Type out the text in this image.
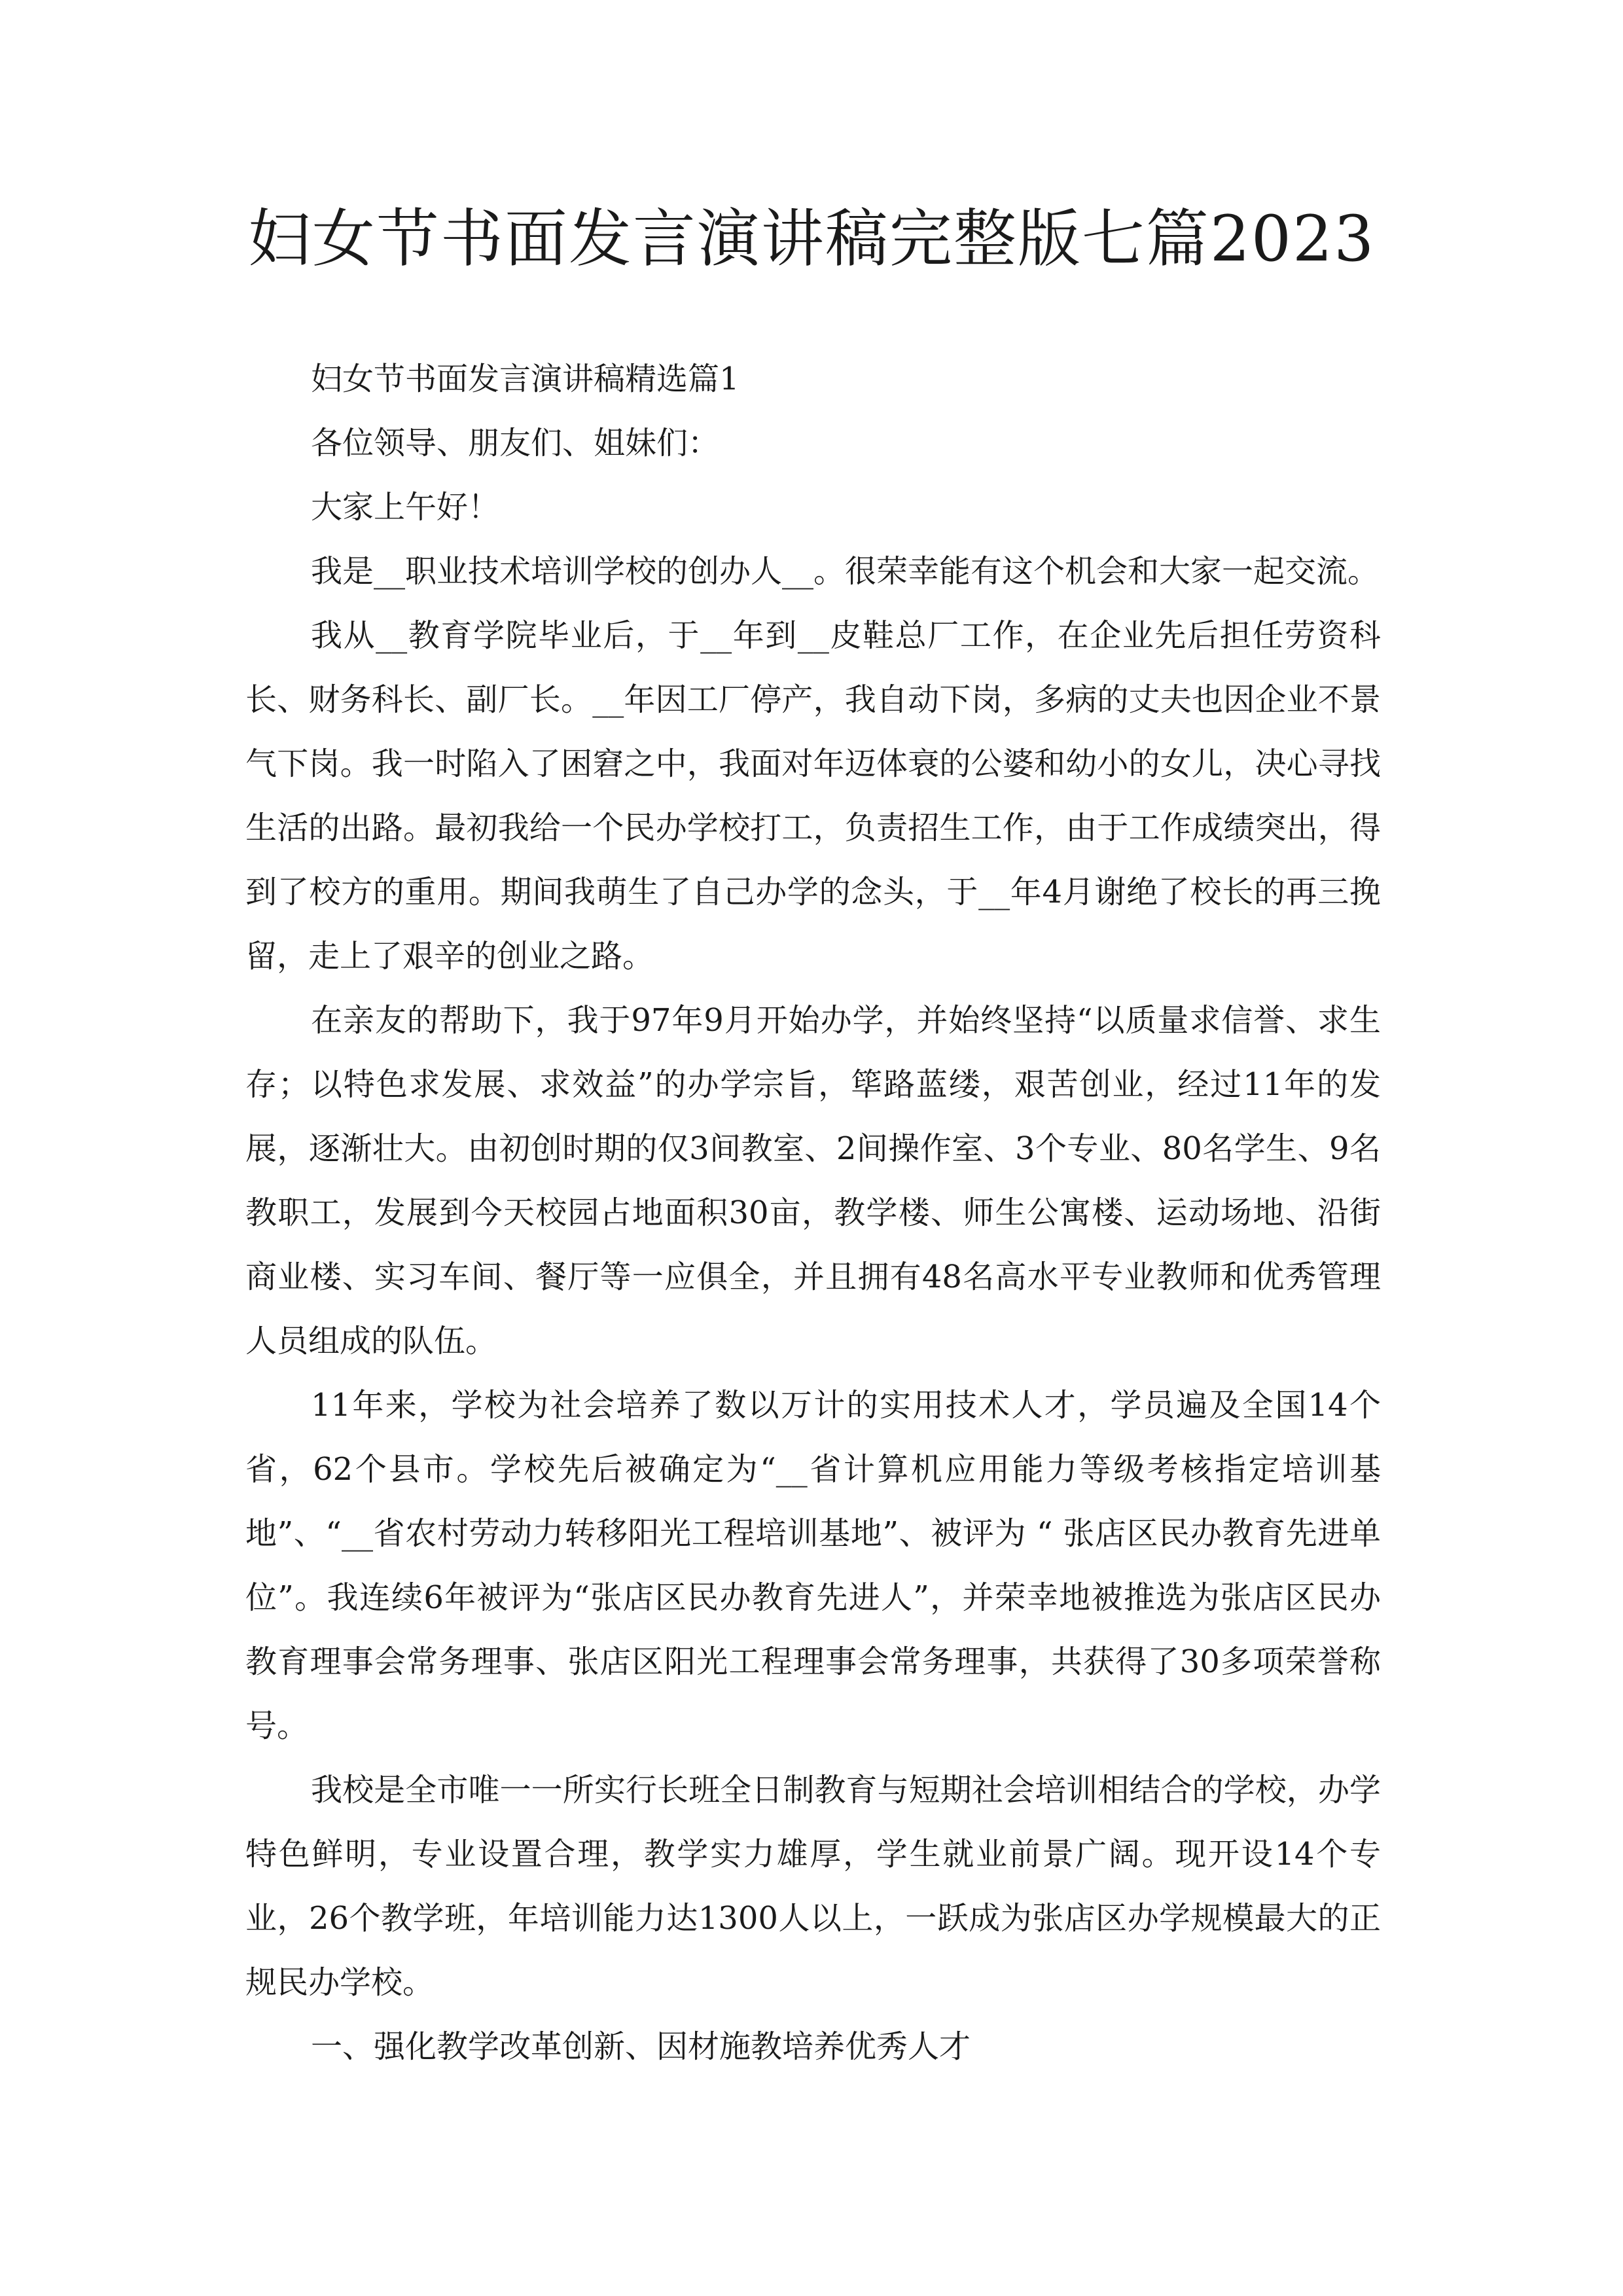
妇女节书面发言演讲稿完整版七篇2023

妇女节书面发言演讲稿精选篇1

各位领导、朋友们、姐妹们：

大家上午好！

我是__职业技术培训学校的创办人__。很荣幸能有这个机会和大家一起交流。

我从__教育学院毕业后，于__年到__皮鞋总厂工作，在企业先后担任劳资科长、财务科长、副厂长。__年因工厂停产，我自动下岗，多病的丈夫也因企业不景气下岗。我一时陷入了困窘之中，我面对年迈体衰的公婆和幼小的女儿，决心寻找生活的出路。最初我给一个民办学校打工，负责招生工作，由于工作成绩突出，得到了校方的重用。期间我萌生了自己办学的念头，于__年4月谢绝了校长的再三挽留，走上了艰辛的创业之路。

在亲友的帮助下，我于97年9月开始办学，并始终坚持“以质量求信誉、求生存；以特色求发展、求效益”的办学宗旨，筚路蓝缕，艰苦创业，经过11年的发展，逐渐壮大。由初创时期的仅3间教室、2间操作室、3个专业、80名学生、9名教职工，发展到今天校园占地面积30亩，教学楼、师生公寓楼、运动场地、沿街商业楼、实习车间、餐厅等一应俱全，并且拥有48名高水平专业教师和优秀管理人员组成的队伍。

11年来，学校为社会培养了数以万计的实用技术人才，学员遍及全国14个省，62个县市。学校先后被确定为“__省计算机应用能力等级考核指定培训基地”、“__省农村劳动力转移阳光工程培训基地”、被评为 “ 张店区民办教育先进单位”。我连续6年被评为“张店区民办教育先进人”，并荣幸地被推选为张店区民办教育理事会常务理事、张店区阳光工程理事会常务理事，共获得了30多项荣誉称号。

我校是全市唯一一所实行长班全日制教育与短期社会培训相结合的学校，办学特色鲜明，专业设置合理，教学实力雄厚，学生就业前景广阔。现开设14个专业，26个教学班，年培训能力达1300人以上，一跃成为张店区办学规模最大的正规民办学校。

一、强化教学改革创新、因材施教培养优秀人才
